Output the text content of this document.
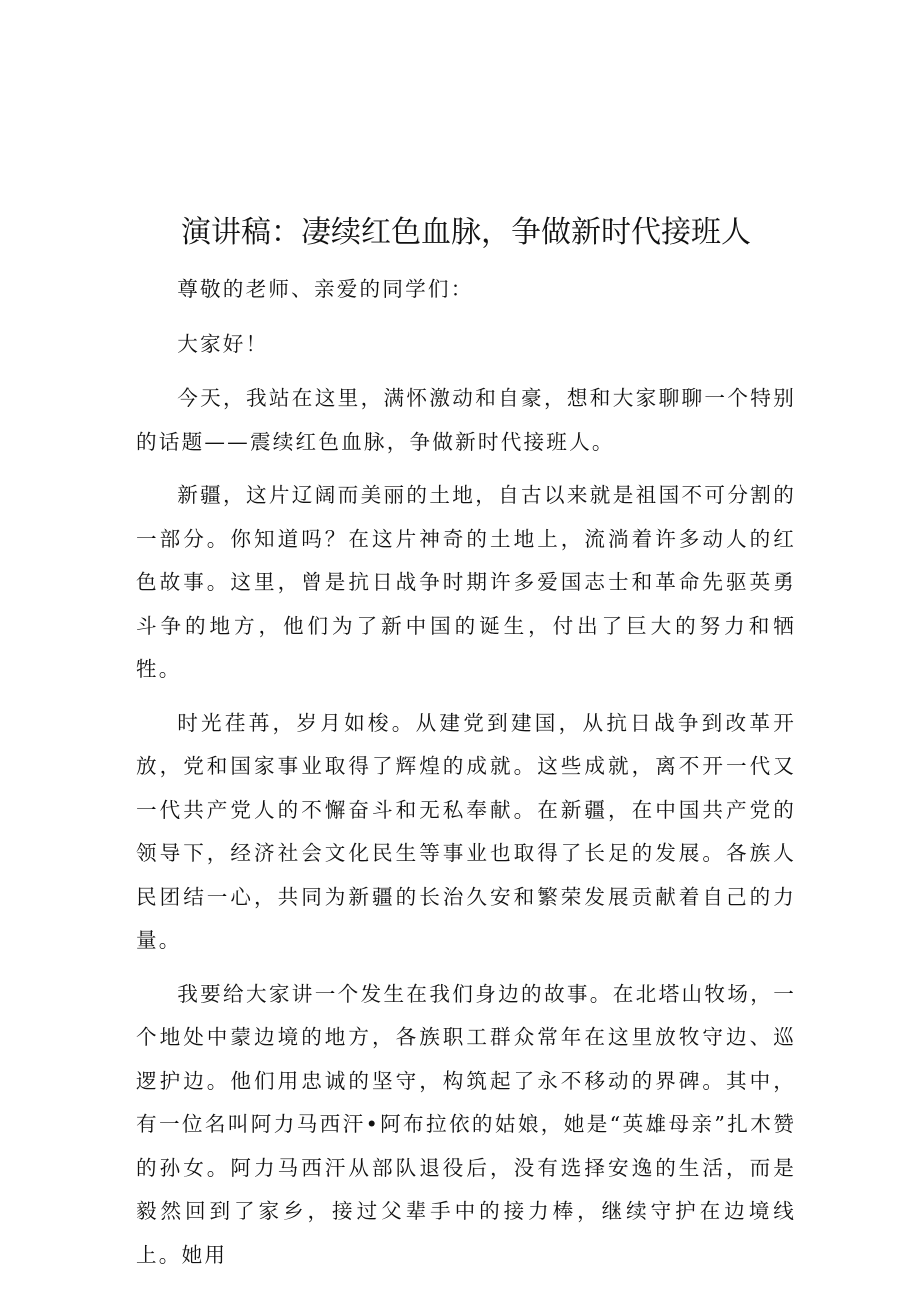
演讲稿：凄续红色血脉，争做新时代接班人

尊敬的老师、亲爱的同学们：

大家好！

今天，我站在这里，满怀激动和自豪，想和大家聊聊一个特别的话题——震续红色血脉，争做新时代接班人。

新疆，这片辽阔而美丽的土地，自古以来就是祖国不可分割的一部分。你知道吗？在这片神奇的土地上，流淌着许多动人的红色故事。这里，曾是抗日战争时期许多爱国志士和革命先驱英勇斗争的地方，他们为了新中国的诞生，付出了巨大的努力和牺牲。

时光荏苒，岁月如梭。从建党到建国，从抗日战争到改革开放，党和国家事业取得了辉煌的成就。这些成就，离不开一代又一代共产党人的不懈奋斗和无私奉献。在新疆，在中国共产党的领导下，经济社会文化民生等事业也取得了长足的发展。各族人民团结一心，共同为新疆的长治久安和繁荣发展贡献着自己的力量。

我要给大家讲一个发生在我们身边的故事。在北塔山牧场，一个地处中蒙边境的地方，各族职工群众常年在这里放牧守边、巡逻护边。他们用忠诚的坚守，构筑起了永不移动的界碑。其中，有一位名叫阿力马西汗•阿布拉依的姑娘，她是“英雄母亲”扎木赞的孙女。阿力马西汗从部队退役后，没有选择安逸的生活，而是毅然回到了家乡，接过父辈手中的接力棒，继续守护在边境线上。她用
